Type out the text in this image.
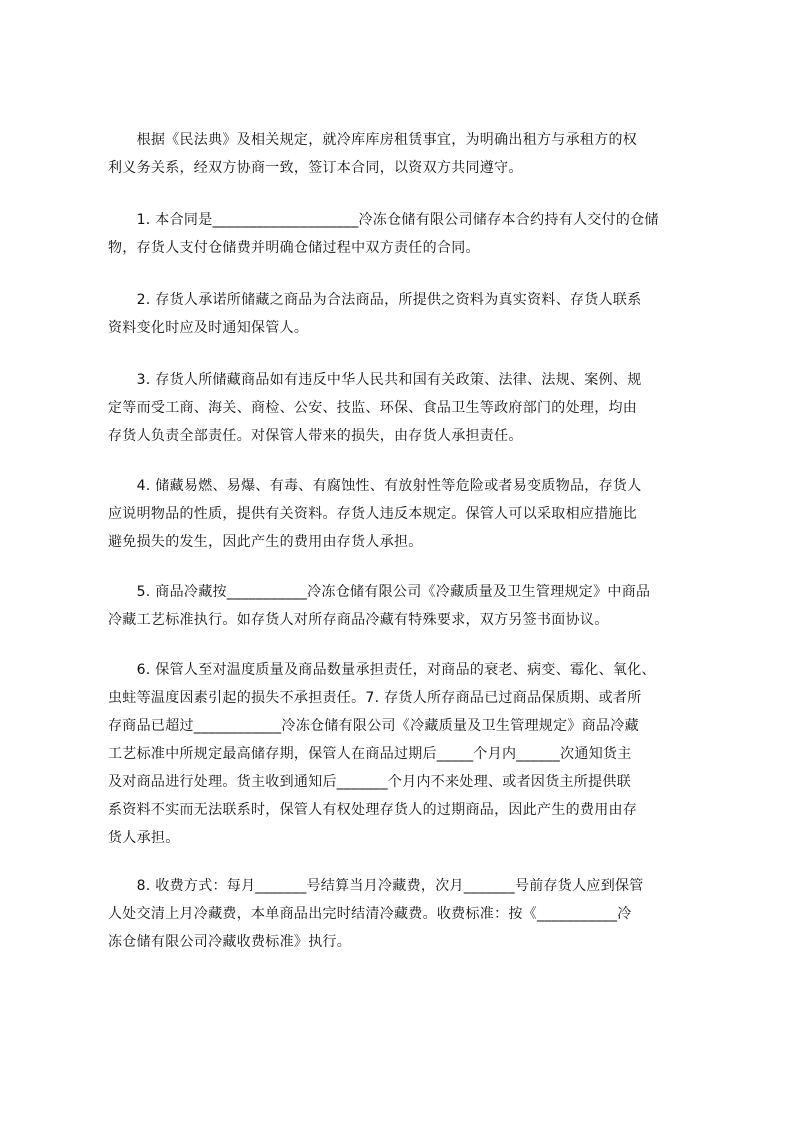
　　根据《民法典》及相关规定，就冷库库房租赁事宜，为明确出租方与承租方的权
利义务关系，经双方协商一致，签订本合同，以资双方共同遵守。
　　1. 本合同是____________________冷冻仓储有限公司储存本合约持有人交付的仓储
物，存货人支付仓储费并明确仓储过程中双方责任的合同。
　　2. 存货人承诺所储藏之商品为合法商品，所提供之资料为真实资料、存货人联系
资料变化时应及时通知保管人。
　　3. 存货人所储藏商品如有违反中华人民共和国有关政策、法律、法规、案例、规
定等而受工商、海关、商检、公安、技监、环保、食品卫生等政府部门的处理，均由
存货人负责全部责任。对保管人带来的损失，由存货人承担责任。
　　4. 储藏易燃、易爆、有毒、有腐蚀性、有放射性等危险或者易变质物品，存货人
应说明物品的性质，提供有关资料。存货人违反本规定。保管人可以采取相应措施比
避免损失的发生，因此产生的费用由存货人承担。
　　5. 商品冷藏按___________冷冻仓储有限公司《冷藏质量及卫生管理规定》中商品
冷藏工艺标准执行。如存货人对所存商品冷藏有特殊要求，双方另签书面协议。
　　6. 保管人至对温度质量及商品数量承担责任，对商品的衰老、病变、霉化、氧化、
虫蛀等温度因素引起的损失不承担责任。7. 存货人所存商品已过商品保质期、或者所
存商品已超过____________冷冻仓储有限公司《冷藏质量及卫生管理规定》商品冷藏
工艺标准中所规定最高储存期，保管人在商品过期后_____个月内______次通知货主
及对商品进行处理。货主收到通知后_______个月内不来处理、或者因货主所提供联
系资料不实而无法联系时，保管人有权处理存货人的过期商品，因此产生的费用由存
货人承担。
　　8. 收费方式：每月_______号结算当月冷藏费，次月_______号前存货人应到保管
人处交清上月冷藏费，本单商品出完时结清冷藏费。收费标准：按《___________冷
冻仓储有限公司冷藏收费标准》执行。
